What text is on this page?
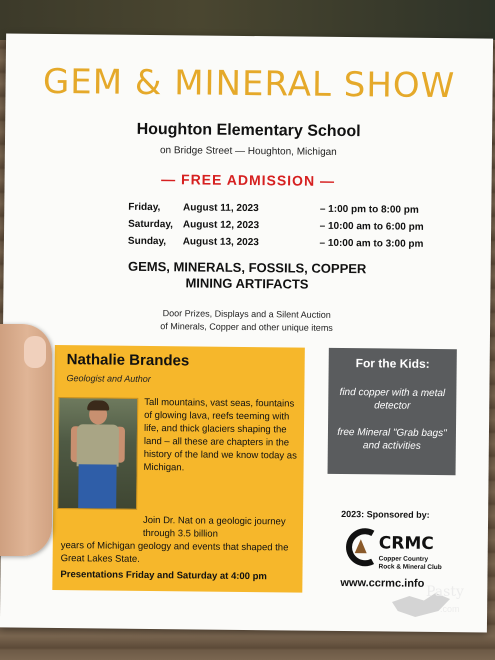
GEM & MINERAL SHOW
Houghton Elementary School
on Bridge Street — Houghton, Michigan
— FREE ADMISSION —
Friday, August 11, 2023	– 1:00 pm to 8:00 pm
Saturday, August 12, 2023	– 10:00 am to 6:00 pm
Sunday, August 13, 2023	– 10:00 am to 3:00 pm
GEMS, MINERALS, FOSSILS, COPPER
MINING ARTIFACTS
Door Prizes, Displays and a Silent Auction
of Minerals, Copper and other unique items
Nathalie Brandes
Geologist and Author
Tall mountains, vast seas, fountains of glowing lava, reefs teeming with life, and thick glaciers shaping the land – all these are chapters in the history of the land we know today as Michigan.
Join Dr. Nat on a geologic journey through 3.5 billion
years of Michigan geology and events that shaped the Great Lakes State.
Presentations Friday and Saturday at 4:00 pm
For the Kids:
find copper with a metal detector
free Mineral "Grab bags" and activities
2023: Sponsored by:
CRMC
Copper Country
Rock & Mineral Club
www.ccrmc.info
Pasty
.com
